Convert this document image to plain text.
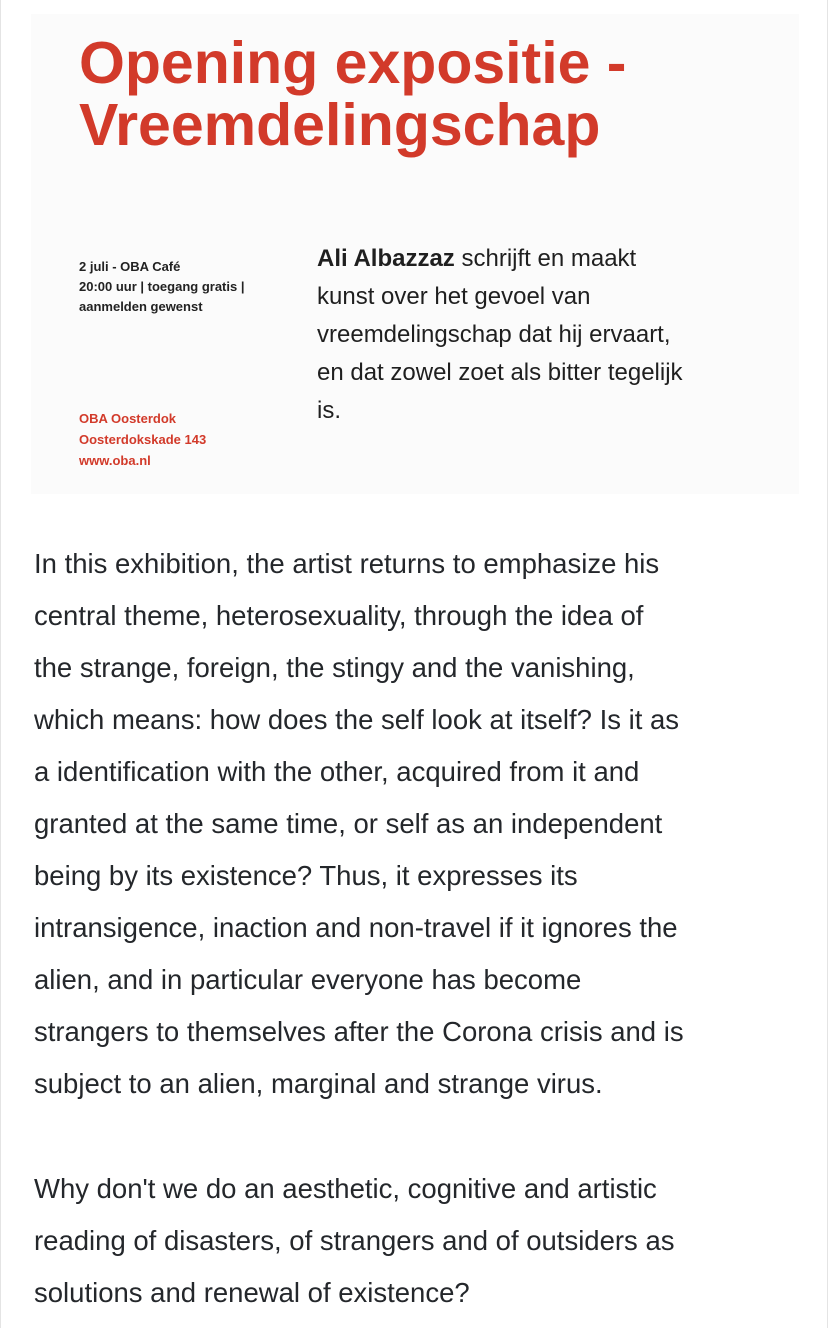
Opening expositie -
Vreemdelingschap
2 juli - OBA Café
20:00 uur | toegang gratis |
aanmelden gewenst
OBA Oosterdok
Oosterdokskade 143
www.oba.nl
Ali Albazzaz schrijft en maakt
kunst over het gevoel van
vreemdelingschap dat hij ervaart,
en dat zowel zoet als bitter tegelijk
is.
In this exhibition, the artist returns to emphasize his
central theme, heterosexuality, through the idea of
the strange, foreign, the stingy and the vanishing,
which means: how does the self look at itself? Is it as
a identification with the other, acquired from it and
granted at the same time, or self as an independent
being by its existence? Thus, it expresses its
intransigence, inaction and non-travel if it ignores the
alien, and in particular everyone has become
strangers to themselves after the Corona crisis and is
subject to an alien, marginal and strange virus.
Why don't we do an aesthetic, cognitive and artistic
reading of disasters, of strangers and of outsiders as
solutions and renewal of existence?
